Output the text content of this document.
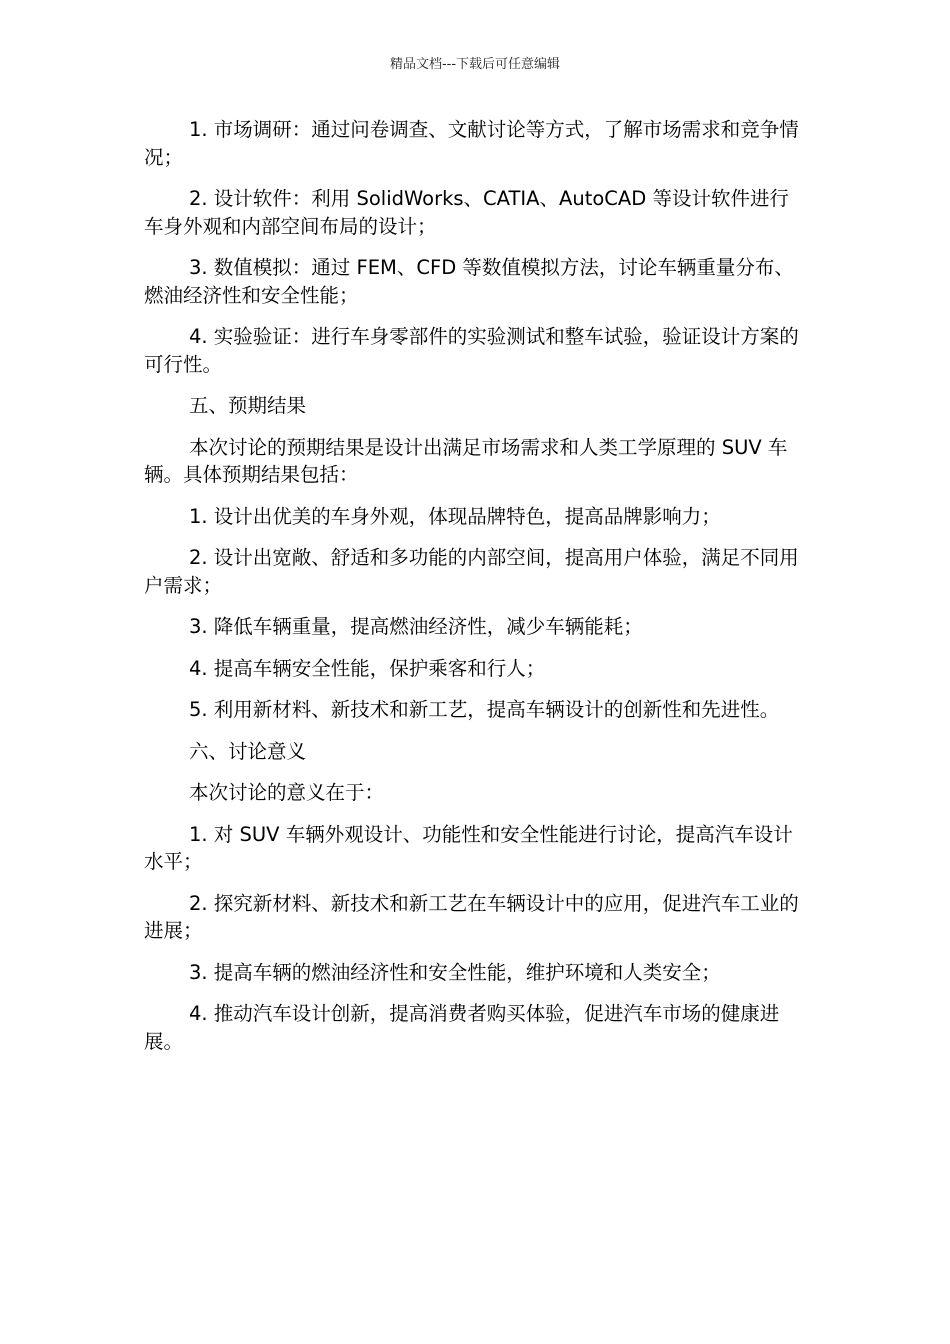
精品文档---下载后可任意编辑

1. 市场调研：通过问卷调查、文献讨论等方式，了解市场需求和竞争情况；

2. 设计软件：利用 SolidWorks、CATIA、AutoCAD 等设计软件进行车身外观和内部空间布局的设计；

3. 数值模拟：通过 FEM、CFD 等数值模拟方法，讨论车辆重量分布、燃油经济性和安全性能；

4. 实验验证：进行车身零部件的实验测试和整车试验，验证设计方案的可行性。

五、预期结果

本次讨论的预期结果是设计出满足市场需求和人类工学原理的 SUV 车辆。具体预期结果包括：

1. 设计出优美的车身外观，体现品牌特色，提高品牌影响力；

2. 设计出宽敞、舒适和多功能的内部空间，提高用户体验，满足不同用户需求；

3. 降低车辆重量，提高燃油经济性，减少车辆能耗；

4. 提高车辆安全性能，保护乘客和行人；

5. 利用新材料、新技术和新工艺，提高车辆设计的创新性和先进性。

六、讨论意义

本次讨论的意义在于：

1. 对 SUV 车辆外观设计、功能性和安全性能进行讨论，提高汽车设计水平；

2. 探究新材料、新技术和新工艺在车辆设计中的应用，促进汽车工业的进展；

3. 提高车辆的燃油经济性和安全性能，维护环境和人类安全；

4. 推动汽车设计创新，提高消费者购买体验，促进汽车市场的健康进展。
